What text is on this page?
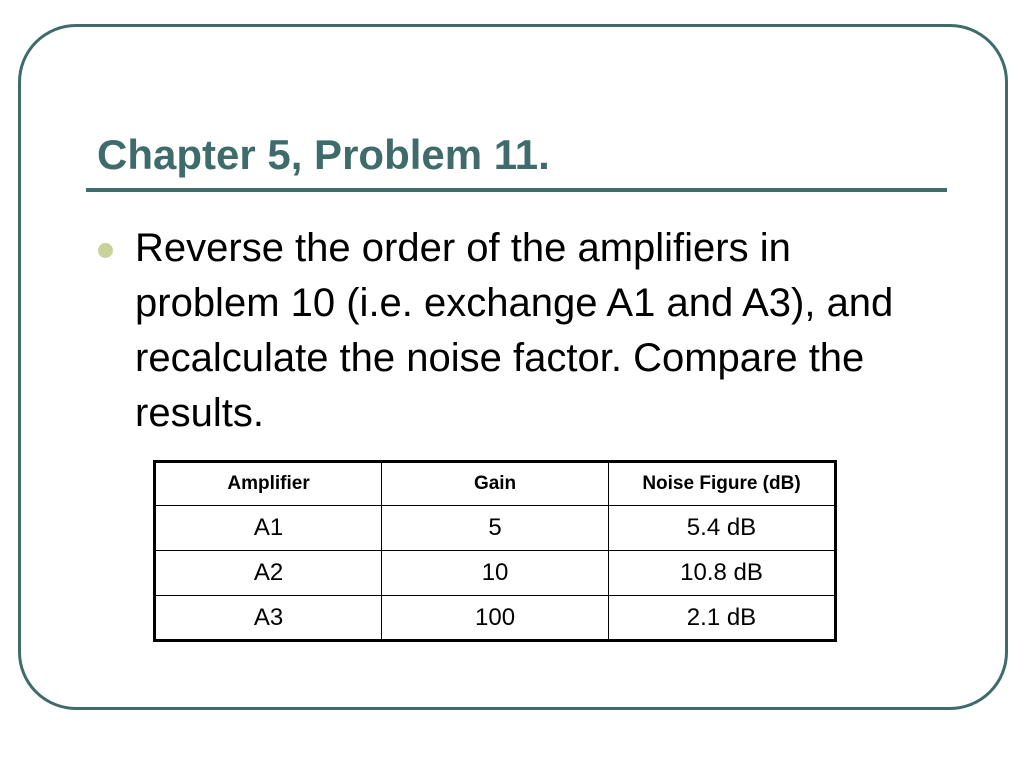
Chapter 5, Problem 11.

Reverse the order of the amplifiers in problem 10 (i.e. exchange A1 and A3), and recalculate the noise factor. Compare the results.

Amplifier	Gain	Noise Figure (dB)
A1	5	5.4 dB
A2	10	10.8 dB
A3	100	2.1 dB
